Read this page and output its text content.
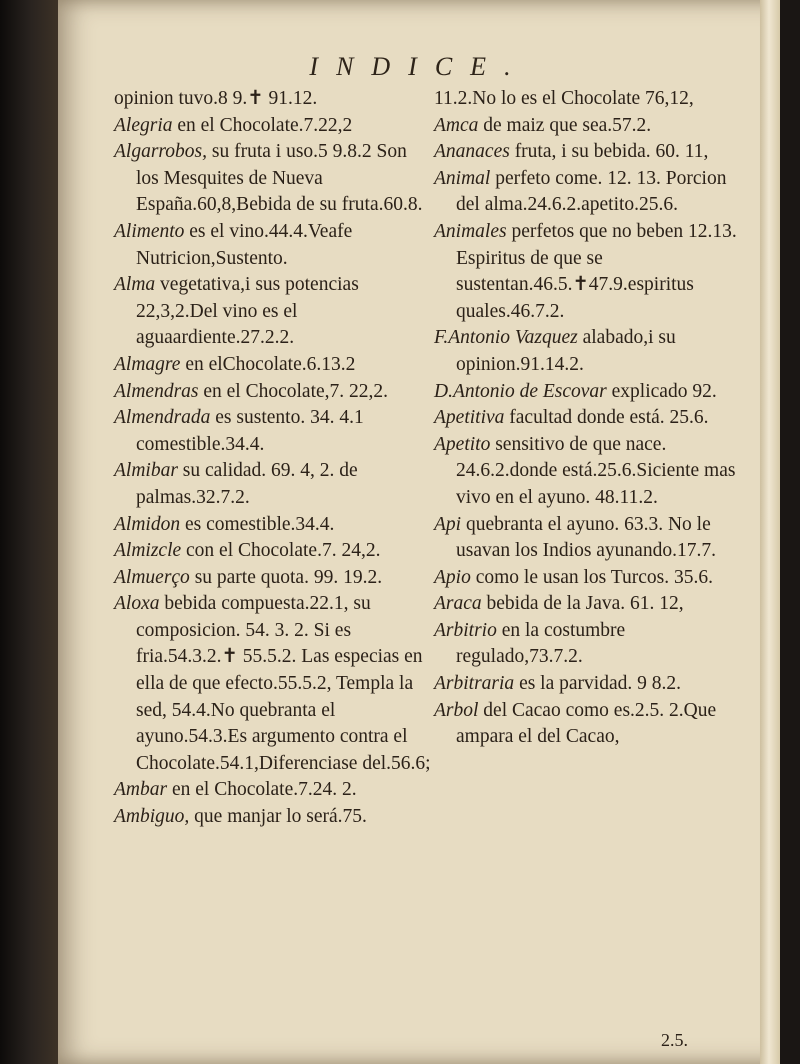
INDICE.

opinion tuvo.8 9.✝ 91.12.

Alegria en el Chocolate.7.22,2

Algarrobos, su fruta i uso.5 9.8.2 Son los Mesquites de Nueva España.60,8,Bebida de su fruta.60.8.

Alimento es el vino.44.4.Veafe Nutricion,Sustento.

Alma vegetativa,i sus potencias 22,3,2.Del vino es el aguaardiente.27.2.2.

Almagre en elChocolate.6.13.2

Almendras en el Chocolate,7. 22,2.

Almendrada es sustento. 34. 4.1 comestible.34.4.

Almibar su calidad. 69. 4, 2. de palmas.32.7.2.

Almidon es comestible.34.4.

Almizcle con el Chocolate.7. 24,2.

Almuerço su parte quota. 99. 19.2.

Aloxa bebida compuesta.22.1, su composicion. 54. 3. 2. Si es fria.54.3.2.✝ 55.5.2. Las especias en ella de que efecto.55.5.2, Templa la sed, 54.4.No quebranta el ayuno.54.3.Es argumento contra el Chocolate.54.1,Diferenciase del.56.6;

Ambar en el Chocolate.7.24. 2.

Ambiguo, que manjar lo será.75.

11.2.No lo es el Chocolate 76,12,

Amca de maiz que sea.57.2.

Ananaces fruta, i su bebida. 60. 11,

Animal perfeto come. 12. 13. Porcion del alma.24.6.2.apetito.25.6.

Animales perfetos que no beben 12.13. Espiritus de que se sustentan.46.5.✝47.9.espiritus quales.46.7.2.

F.Antonio Vazquez alabado,i su opinion.91.14.2.

D.Antonio de Escovar explicado 92.

Apetitiva facultad donde está. 25.6.

Apetito sensitivo de que nace. 24.6.2.donde está.25.6.Siciente mas vivo en el ayuno. 48.11.2.

Api quebranta el ayuno. 63.3. No le usavan los Indios ayunando.17.7.

Apio como le usan los Turcos. 35.6.

Araca bebida de la Java. 61. 12,

Arbitrio en la costumbre regulado,73.7.2.

Arbitraria es la parvidad. 9 8.2.

Arbol del Cacao como es.2.5. 2.Que ampara el del Cacao,

2.5.
